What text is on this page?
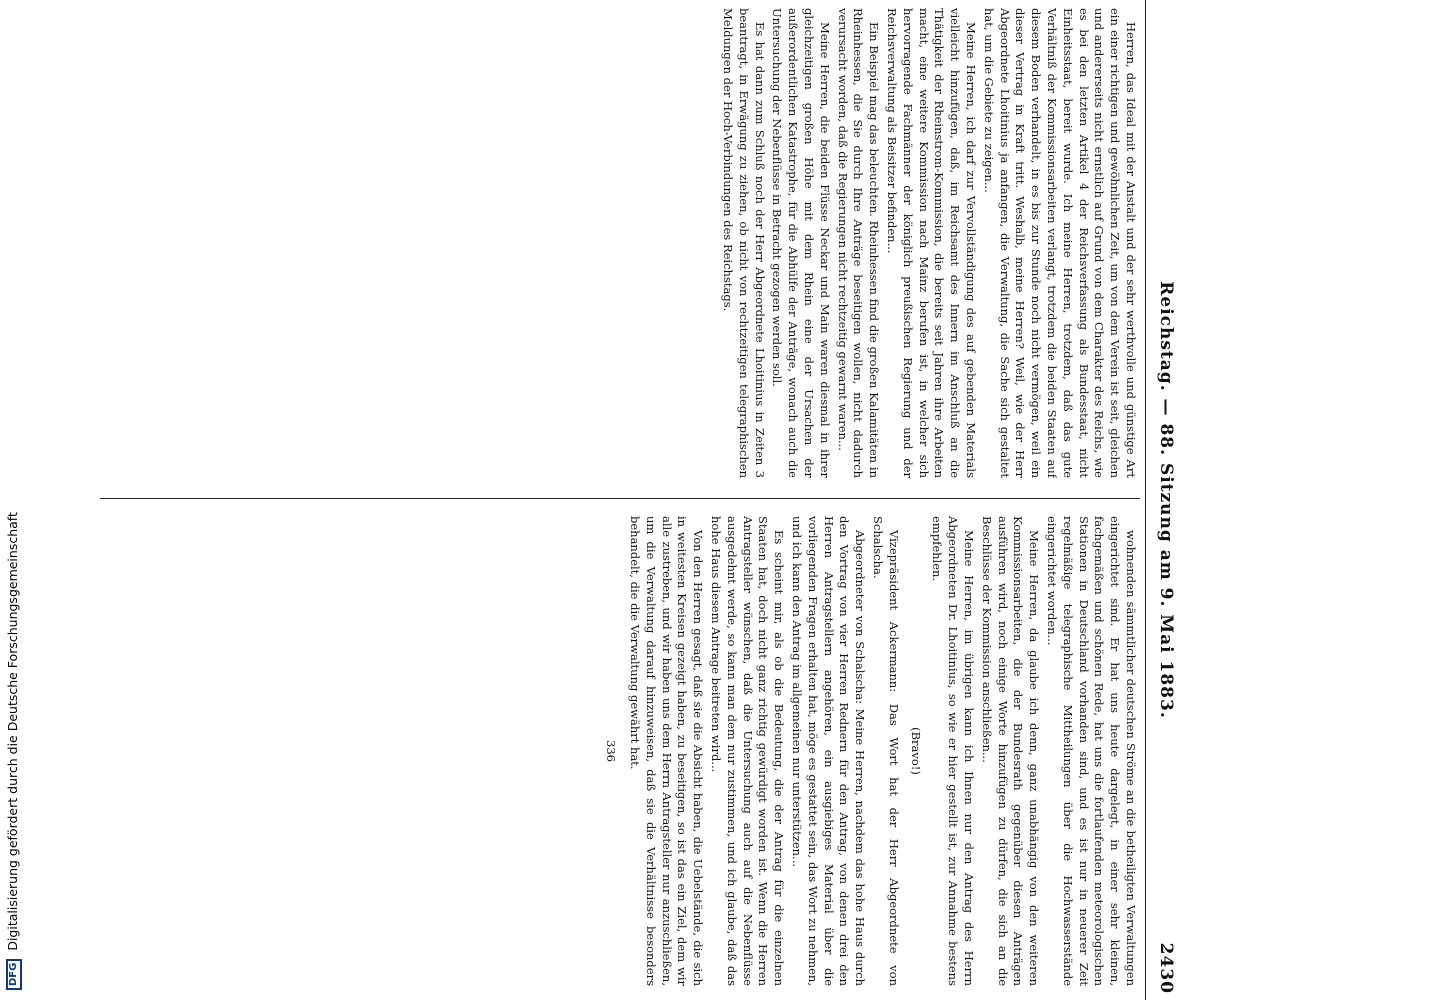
DFG Digitalisierung gefördert durch die Deutsche Forschungsgemeinschaft
Reichstag. — 88. Sitzung am 9. Mai 1883.
2430

Herren, das Ideal mit der Anstalt und der sehr werthvolle und günstige Art ein einer richtigen und gewöhnlichen Zeit, um von dem Verein ist seit, gleichen und andererseits nicht ernstlich auf Grund von dem Charakter des Reichs, wie es bei den letzten Artikel 4 der Reichsverfassung als Bundesstaat, nicht Einheitsstaat, bereit wurde. Ich meine Herren, trotzdem, daß das gute Verhältniß der Kommissionsarbeiten verlangt, trotzdem die beiden Staaten auf diesem Boden verhandelt, in es bis zur Stunde noch nicht vermögen, weil ein dieser Vertrag in Kraft tritt. Weshalb, meine Herren? Weil, wie der Herr Abgeordnete Lhoitinius ja anfangen, die Verwaltung, die Sache sich gestaltet hat, um die Gebiete zu zeigen...

Meine Herren, ich darf zur Vervollständigung des auf gebenden Materials vielleicht hinzufügen, daß, im Reichsamt des Innern im Anschluß an die Thätigkeit der Rheinstrom-Kommission, die bereits seit Jahren ihre Arbeiten macht, eine weitere Kommission nach Mainz berufen ist, in welcher sich hervorragende Fachmänner der königlich preußischen Regierung und der Reichsverwaltung als Beisitzer befinden...

Ein Beispiel mag das beleuchten. Rheinhessen find die großen Kalamitäten in Rheinhessen, die Sie durch Ihre Anträge beseitigen wollen, nicht dadurch verursacht worden, daß die Regierungen nicht rechtzeitig gewarnt waren...

Meine Herren, die beiden Flüsse Neckar und Main waren diesmal in ihrer gleichzeitigen großen Höhe mit dem Rhein eine der Ursachen der außerordentlichen Katastrophe, für die Abhülfe der Anträge, wonach auch die Untersuchung der Nebenflüsse in Betracht gezogen werden soll.

Es hat dann zum Schluß noch der Herr Abgeordnete Lhoitinius in Zeiten 3 beantragt, in Erwägung zu ziehen, ob nicht von rechtzeitigen telegraphischen Meldungen der Hoch-Verbindungen des Reichstags.

wohnenden sämmtlicher deutschen Ströme an die betheiligten Verwaltungen eingerichtet sind. Er hat uns heute dargelegt, in einer sehr kleinen, fachgemäßen und schönen Rede, hat uns die fortlaufenden meteorologischen Stationen in Deutschland vorhanden sind, und es ist nur in neuerer Zeit regelmäßige telegraphische Mittheilungen über die Hochwasserstände eingerichtet worden...

Meine Herren, da glaube ich denn, ganz unabhängig von den weiteren Kommissionsarbeiten, die der Bundesrath gegenüber diesen Anträgen ausführen wird, noch einige Worte hinzufügen zu dürfen, die sich an die Beschlüsse der Kommission anschließen...

Meine Herren, im übrigen kann ich Ihnen nur den Antrag des Herrn Abgeordneten Dr. Lhoitinius, so wie er hier gestellt ist, zur Annahme bestens empfehlen.

(Bravo!)

Vizepräsident Ackermann: Das Wort hat der Herr Abgeordnete von Schalscha.

Abgeordneter von Schalscha: Meine Herren, nachdem das hohe Haus durch den Vortrag von vier Herren Rednern für den Antrag, von denen drei den Herren Antragstellern angehören, ein ausgiebiges Material über die vorliegenden Fragen erhalten hat, möge es gestattet sein, das Wort zu nehmen, und ich kann den Antrag im allgemeinen nur unterstützen...

Es scheint mir, als ob die Bedeutung, die der Antrag für die einzelnen Staaten hat, doch nicht ganz richtig gewürdigt worden ist. Wenn die Herren Antragsteller wünschen, daß die Untersuchung auch auf die Nebenflüsse ausgedehnt werde, so kann man dem nur zustimmen, und ich glaube, daß das hohe Haus diesem Antrage beitreten wird...

Von den Herren gesagt, daß sie die Absicht haben, die Uebelstände, die sich in weitesten Kreisen gezeigt haben, zu beseitigen, so ist das ein Ziel, dem wir alle zustreben, und wir haben uns dem Herrn Antragsteller nur anzuschließen, um die Verwaltung darauf hinzuweisen, daß sie die Verhältnisse besonders behandelt, die die Verwaltung gewährt hat.

336
